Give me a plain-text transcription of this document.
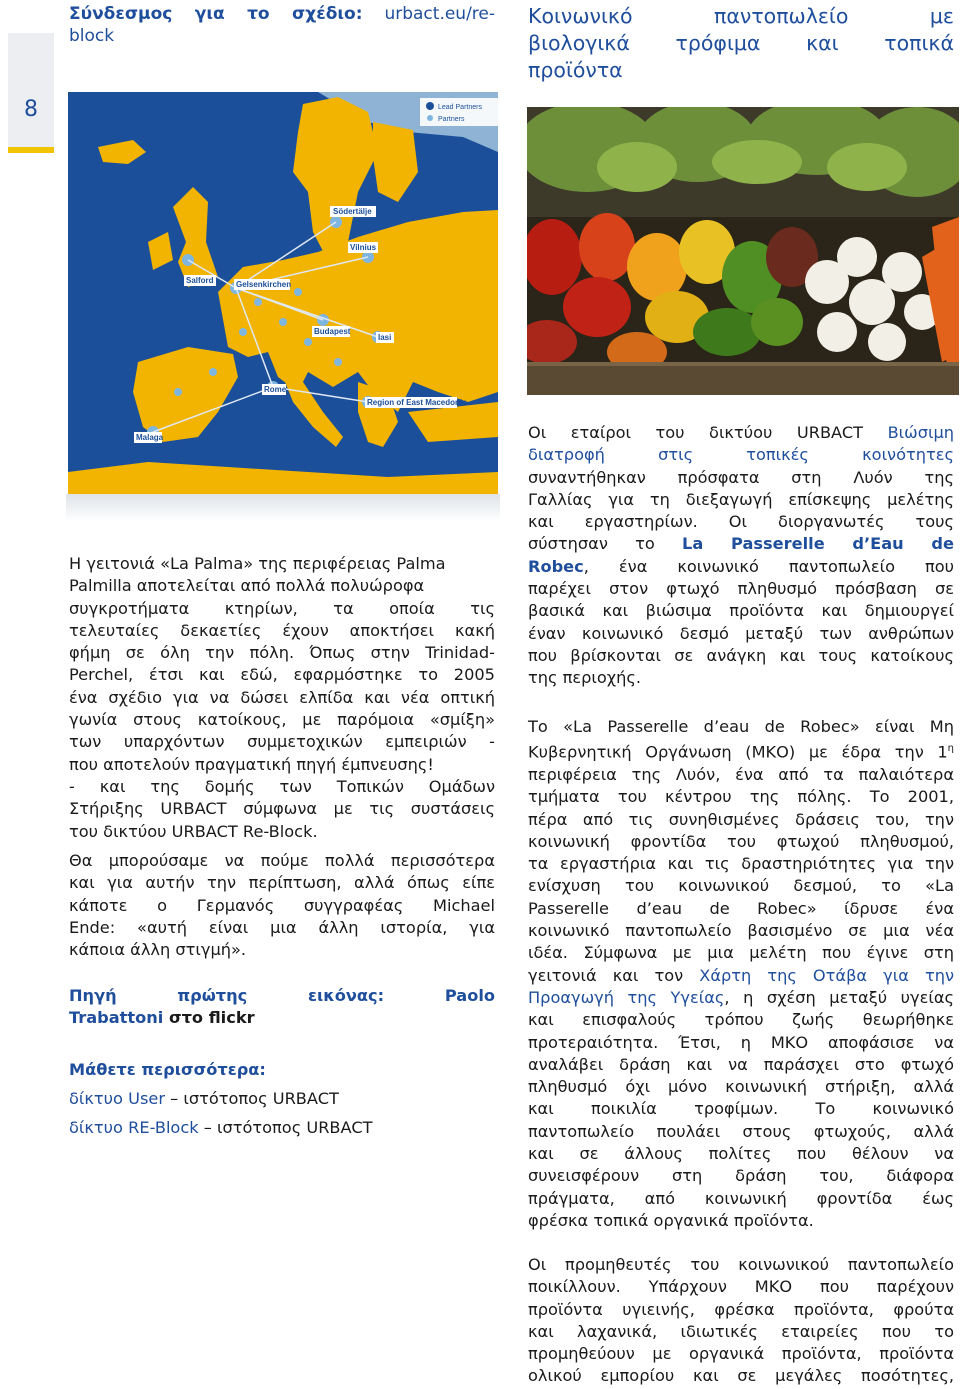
8
Σύνδεσμος για το σχέδιο: urbact.eu/re-
block
Κοινωνικό παντοπωλείο με
βιολογικά τρόφιμα και τοπικά
προϊόντα
Lead Partners
Partners
Södertälje
Vilnius
Salford	Gelsenkirchen
Budapest
Iasi
Rome
Region of East Macedonia
Malaga
Η γειτονιά «La Palma» της περιφέρειας Palma
Palmilla αποτελείται από πολλά πολυώροφα
συγκροτήματα κτηρίων, τα οποία τις
τελευταίες δεκαετίες έχουν αποκτήσει κακή
φήμη σε όλη την πόλη. Όπως στην Trinidad-
Perchel, έτσι και εδώ, εφαρμόστηκε το 2005
ένα σχέδιο για να δώσει ελπίδα και νέα οπτική
γωνία στους κατοίκους, με παρόμοια «σμίξη»
των υπαρχόντων συμμετοχικών εμπειριών -
που αποτελούν πραγματική πηγή έμπνευσης!
- και της δομής των Τοπικών Ομάδων
Στήριξης URBACT σύμφωνα με τις συστάσεις
του δικτύου URBACT Re-Block.
Θα μπορούσαμε να πούμε πολλά περισσότερα
και για αυτήν την περίπτωση, αλλά όπως είπε
κάποτε ο Γερμανός συγγραφέας Michael
Ende: «αυτή είναι μια άλλη ιστορία, για
κάποια άλλη στιγμή».
Πηγή πρώτης εικόνας:	Paolo
Trabattoni στο flickr
Μάθετε περισσότερα:
δίκτυο User – ιστότοπος URBACT
δίκτυο RE-Block – ιστότοπος URBACT
Οι εταίροι του δικτύου URBACT Βιώσιμη
διατροφή στις τοπικές κοινότητες
συναντήθηκαν πρόσφατα στη Λυόν της
Γαλλίας για τη διεξαγωγή επίσκεψης μελέτης
και εργαστηρίων. Οι διοργανωτές τους
σύστησαν το La Passerelle d’Eau de
Robec, ένα κοινωνικό παντοπωλείο που
παρέχει στον φτωχό πληθυσμό πρόσβαση σε
βασικά και βιώσιμα προϊόντα και δημιουργεί
έναν κοινωνικό δεσμό μεταξύ των ανθρώπων
που βρίσκονται σε ανάγκη και τους κατοίκους
της περιοχής.
Το «La Passerelle d’eau de Robec» είναι Μη
Κυβερνητική Οργάνωση (ΜΚΟ) με έδρα την $1^\eta$
περιφέρεια της Λυόν, ένα από τα παλαιότερα
τμήματα του κέντρου της πόλης. Το 2001,
πέρα από τις συνηθισμένες δράσεις του, την
κοινωνική φροντίδα του φτωχού πληθυσμού,
τα εργαστήρια και τις δραστηριότητες για την
ενίσχυση του κοινωνικού δεσμού, το «La
Passerelle d’eau de Robec» ίδρυσε ένα
κοινωνικό παντοπωλείο βασισμένο σε μια νέα
ιδέα. Σύμφωνα με μια μελέτη που έγινε στη
γειτονιά και τον Χάρτη της Οτάβα για την
Προαγωγή της Υγείας, η σχέση μεταξύ υγείας
και επισφαλούς τρόπου ζωής θεωρήθηκε
προτεραιότητα. Έτσι, η ΜΚΟ αποφάσισε να
αναλάβει δράση και να παράσχει στο φτωχό
πληθυσμό όχι μόνο κοινωνική στήριξη, αλλά
και ποικιλία τροφίμων. Το κοινωνικό
παντοπωλείο πουλάει στους φτωχούς, αλλά
και σε άλλους πολίτες που θέλουν να
συνεισφέρουν στη δράση του, διάφορα
πράγματα, από κοινωνική φροντίδα έως
φρέσκα τοπικά οργανικά προϊόντα.
Οι προμηθευτές του κοινωνικού παντοπωλείο
ποικίλλουν. Υπάρχουν ΜΚΟ που παρέχουν
προϊόντα υγιεινής, φρέσκα προϊόντα, φρούτα
και λαχανικά, ιδιωτικές εταιρείες που το
προμηθεύουν με οργανικά προϊόντα, προϊόντα
ολικού εμπορίου και σε μεγάλες ποσότητες,
